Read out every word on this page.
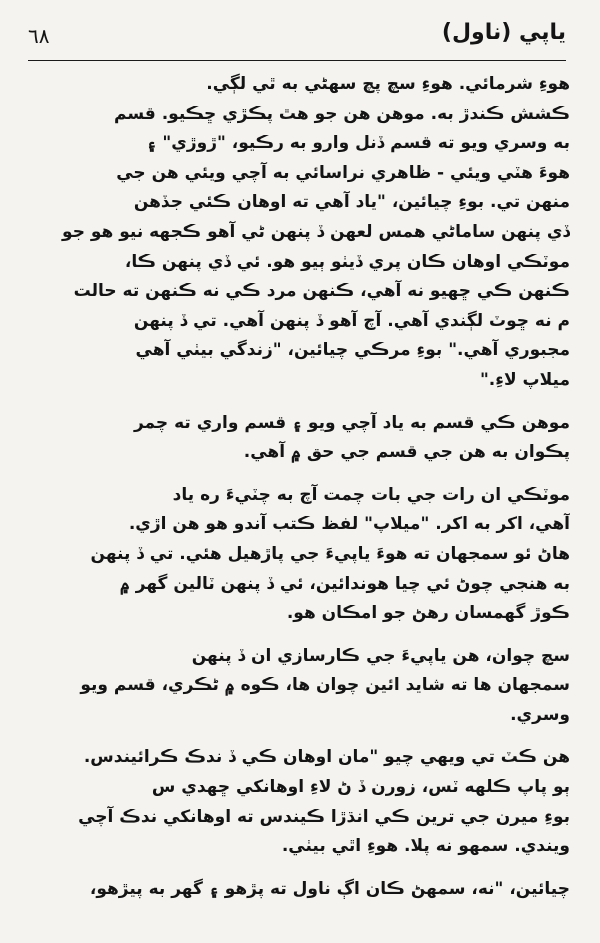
٦٨	ياپي (ناول)
هوءِ شرمائي. هوءِ سچ پچ سهڻي به ٿي لڳي.
ڪشش ڪندڙ به. موهن هن جو هٿ پڪڙي ڇڪيو. قسم
به وسري ويو ته قسم ڏنل وارو به رڪيو، "ڙوڙي" ۽
هوءَ هٽي ويئي - ظاهري نراسائي به آچي ويئي هن جي
منهن تي. بوءِ چيائين، "ياد آهي ته اوهان ڪئي جڏهن
ڏي پنهن ساماڻي همس لعهن ڏ پنهن ڻي آهو ڪجهه نيو هو جو
موٽڪي اوهان ڪان پري ڏيٺو ٻيو هو. ئي ڏي پنهن ڪا،
ڪنهن ڪي ڇهيو نه آهي، ڪنهن مرد ڪي نه ڪنهن ته حالت
م نه ڇوٽ لڳندي آهي. آچ آهو ڏ پنهن آهي. تي ڏ پنهن
مجبوري آهي." بوءِ مرڪي چيائين، "زندگي بيٺي آهي
ميلاپ لاءِ."
موهن ڪي قسم به ياد آچي ويو ۽ قسم واري ته چمر
پڪوان به هن جي قسم جي حق ۾ آهي.
موٽڪي ان رات جي بات چمت آچ به چٽيءَ ره ياد
آهي، اکر به اکر. "ميلاپ" لفظ ڪتب آندو هو هن اڙي.
هاڻ ئو سمجهان ته هوءَ ياپيءَ جي پاڙهيل هئي. تي ڏ پنهن
به هنجي چوڻ ئي چيا هوندائين، ئي ڏ پنهن ٽالين گهر ۾
ڪوڙ گهمسان رهڻ جو امڪان هو.
سچ چوان، هن ياپيءَ جي ڪارسازي ان ڏ پنهن
سمجهان ها ته شايد ائين چوان ها، ڪوه ۾ ڻڪري، قسم ويو
وسري.
هن ڪٽ تي ويهي چيو "مان اوهان ڪي ڏ ندڪ ڪرائيندس.
ٻو پاپ ڪلهه ٽس، زورن ڏ ڻ لاءِ اوهانکي ڇهدي س
بوءِ ميرن جي ترين ڪي انڌڙا ڪيندس ته اوهانکي ندڪ آچي
ويندي. سمهو نه پلا. هوءِ اٿي بيٺي.
چيائين، "نه، سمهڻ ڪان اڳ ناول ته پڙهو ۽ گهر به پيڙهو،
